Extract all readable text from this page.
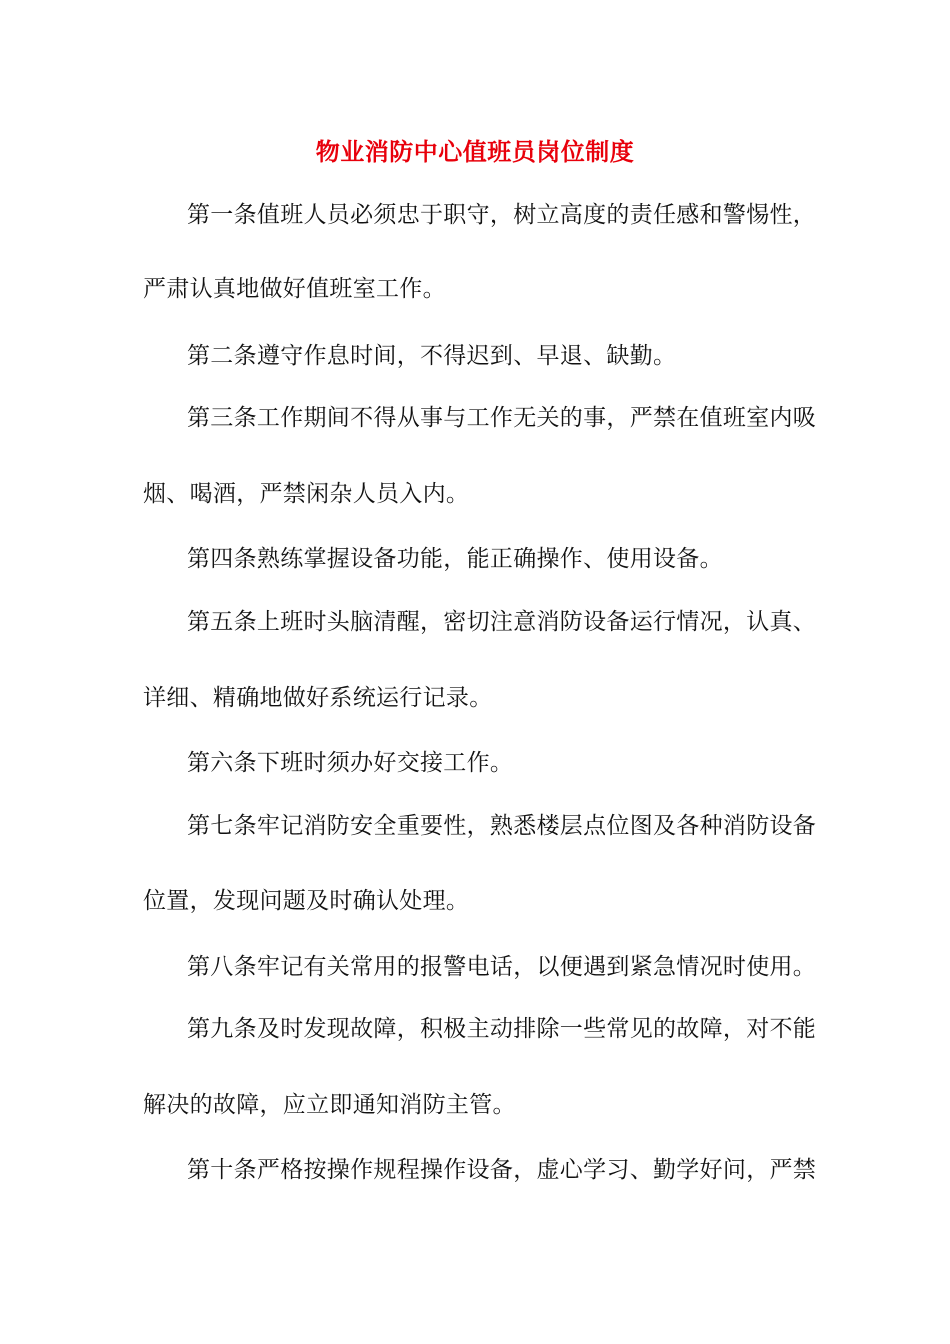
物业消防中心值班员岗位制度
第一条值班人员必须忠于职守，树立高度的责任感和警惕性，
严肃认真地做好值班室工作。
第二条遵守作息时间，不得迟到、早退、缺勤。
第三条工作期间不得从事与工作无关的事，严禁在值班室内吸
烟、喝酒，严禁闲杂人员入内。
第四条熟练掌握设备功能，能正确操作、使用设备。
第五条上班时头脑清醒，密切注意消防设备运行情况，认真、
详细、精确地做好系统运行记录。
第六条下班时须办好交接工作。
第七条牢记消防安全重要性，熟悉楼层点位图及各种消防设备
位置，发现问题及时确认处理。
第八条牢记有关常用的报警电话，以便遇到紧急情况时使用。
第九条及时发现故障，积极主动排除一些常见的故障，对不能
解决的故障，应立即通知消防主管。
第十条严格按操作规程操作设备，虚心学习、勤学好问，严禁
